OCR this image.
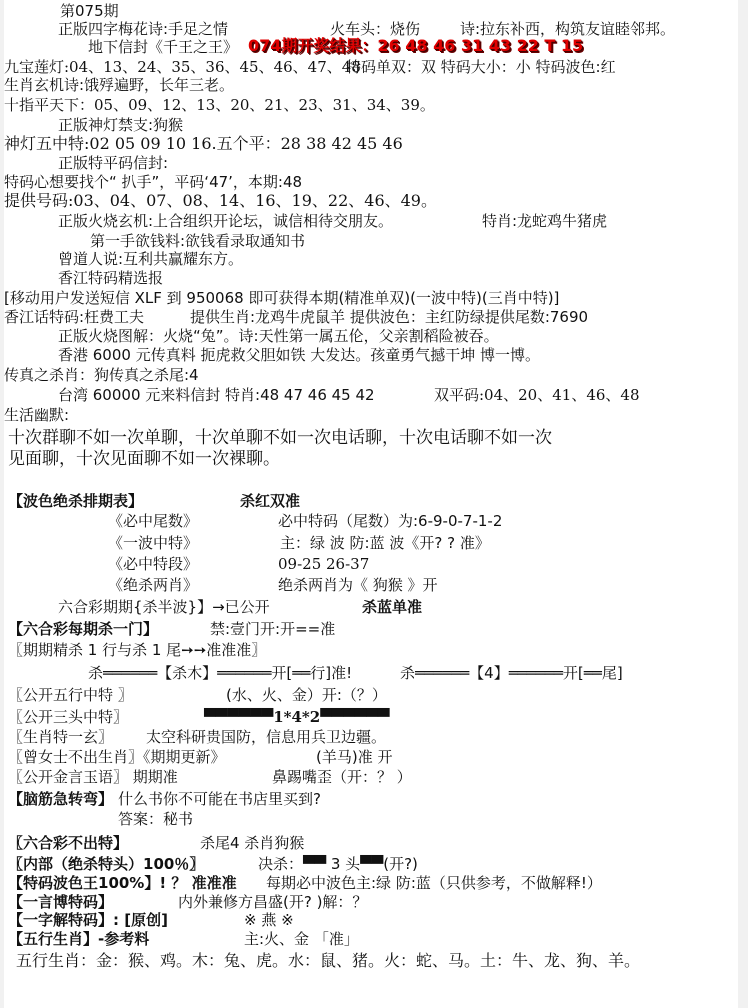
第075期
正版四字梅花诗:手足之情	火车头：烧伤	诗:拉东补西，构筑友谊睦邻邦。
地下信封《千王之王》 074期开奖结果：26 48 46 31 43 22 T 15
九宝莲灯:04、13、24、35、36、45、46、47、48
特码单双：双 特码大小：小 特码波色:红
生肖玄机诗:饿殍遍野，长年三老。
十指平天下：05、09、12、13、20、21、23、31、34、39。
正版神灯禁支:狗猴
神灯五中特:02 05 09 10 16.五个平：28 38 42 45 46
正版特平码信封:
特码心想要找个“ 扒手”，平码‘47’，本期:48
提供号码:03、04、07、08、14、16、19、22、46、49。
正版火烧玄机:上合组织开论坛，诚信相待交朋友。	特肖:龙蛇鸡牛猪虎
第一手欲钱料:欲钱看录取通知书
曾道人说:互利共赢耀东方。
香江特码精选报
[移动用户发送短信 XLF 到 950068 即可获得本期(精准单双)(一波中特)(三肖中特)]
香江话特码:枉费工夫	提供生肖:龙鸡牛虎鼠羊 提供波色：主红防绿提供尾数:7690
正版火烧图解：火烧“兔”。诗:天性第一属五伦，父亲割稻险被吞。
香港 6000 元传真料 扼虎救父胆如铁 大发达。孩童勇气撼干坤 博一博。
传真之杀肖：狗传真之杀尾:4
台湾 60000 元来料信封 特肖:48 47 46 45 42	双平码:04、20、41、46、48
生活幽默:
十次群聊不如一次单聊，十次单聊不如一次电话聊，十次电话聊不如一次
见面聊，十次见面聊不如一次裸聊。
【波色绝杀排期表】	杀红双准
《必中尾数》	必中特码（尾数）为:6-9-0-7-1-2
《一波中特》	主：绿 波 防:蓝 波《开? ? 准》
《必中特段》	09-25 26-37
《绝杀两肖》	绝杀两肖为《 狗猴 》开
六合彩期期{杀半波}】→已公开	杀蓝单准
【六合彩每期杀一门】	禁:壹门开:开==准
〖期期精杀 1 行与杀 1 尾➙➙准准准〗
杀══════【杀木】══════开[══行]准!	杀══════【4】══════开[══尾]
〖公开五行中特 〗	(水、火、金）开:（？）
〖公开三头中特〗	▀▀▀▀▀▀1*4*2▀▀▀▀▀▀
〖生肖特一玄〗 太空科研贵国防，信息用兵卫边疆。
〖曾女士不出生肖〗《期期更新》	(羊马)准 开
〖公开金言玉语〗 期期准	鼻踢嘴歪（开：？ ）
【脑筋急转弯】 什么书你不可能在书店里买到?
答案：秘书
〖六合彩不出特】	杀尾4 杀肖狗猴
〖内部（绝杀特头）100％〗	决杀：▀▀ 3 头▀▀(开?)
【特码波色王100%】! ？ 准准准 每期必中波色主:绿 防:蓝（只供参考，不做解释!）
【一言博特码】	内外兼修方昌盛(开? )解：？
【一字解特码】: [原创]	※ 燕 ※
【五行生肖】-参考料	主:火、金 「准」
五行生肖：金：猴、鸡。木：兔、虎。水：鼠、猪。火：蛇、马。土：牛、龙、狗、羊。
